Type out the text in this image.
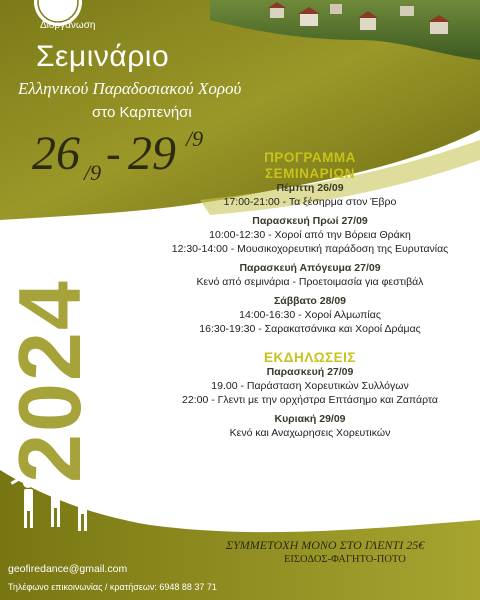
Διοργάνωση
Σεμινάριο

Ελληνικού Παραδοσιακού Χορού

στο Καρπενήσι

26 /9 - 29 /9
2024
ΠΡΟΓΡΑΜΜΑ
ΣΕΜΙΝΑΡΙΩΝ
Πέμπτη 26/09
17:00-21:00 - Τα ξέσηρμα στον Έβρο
Παρασκευή Πρωί 27/09
10:00-12:30 - Χοροί από την Βόρεια Θράκη
12:30-14:00 - Μουσικοχορευτική παράδοση της Ευρυτανίας
Παρασκευή Απόγευμα 27/09
Κενό από σεμινάρια - Προετοιμασία για φεστιβάλ
Σάββατο 28/09
14:00-16:30 - Χοροί Αλμωπίας
16:30-19:30 - Σαρακατσάνικα και Χοροί Δράμας
ΕΚΔΗΛΩΣΕΙΣ
Παρασκευή 27/09
19.00 - Παράσταση Χορευτικών Συλλόγων
22:00 - Γλεντι με την ορχήστρα Επτάσημο και Ζαπάρτα
Κυριακή 29/09
Κενό και Αναχωρησεις Χορευτικών

ΣΥΜΜΕΤΟΧΗ ΜΟΝΟ ΣΤΟ ΓΛΕΝΤΙ 25€

ΕΙΣΟΔΟΣ-ΦΑΓΗΤΟ-ΠΟΤΟ

geofiredance@gmail.com

Τηλέφωνο επικοινωνίας / κρατήσεων: 6948 88 37 71
